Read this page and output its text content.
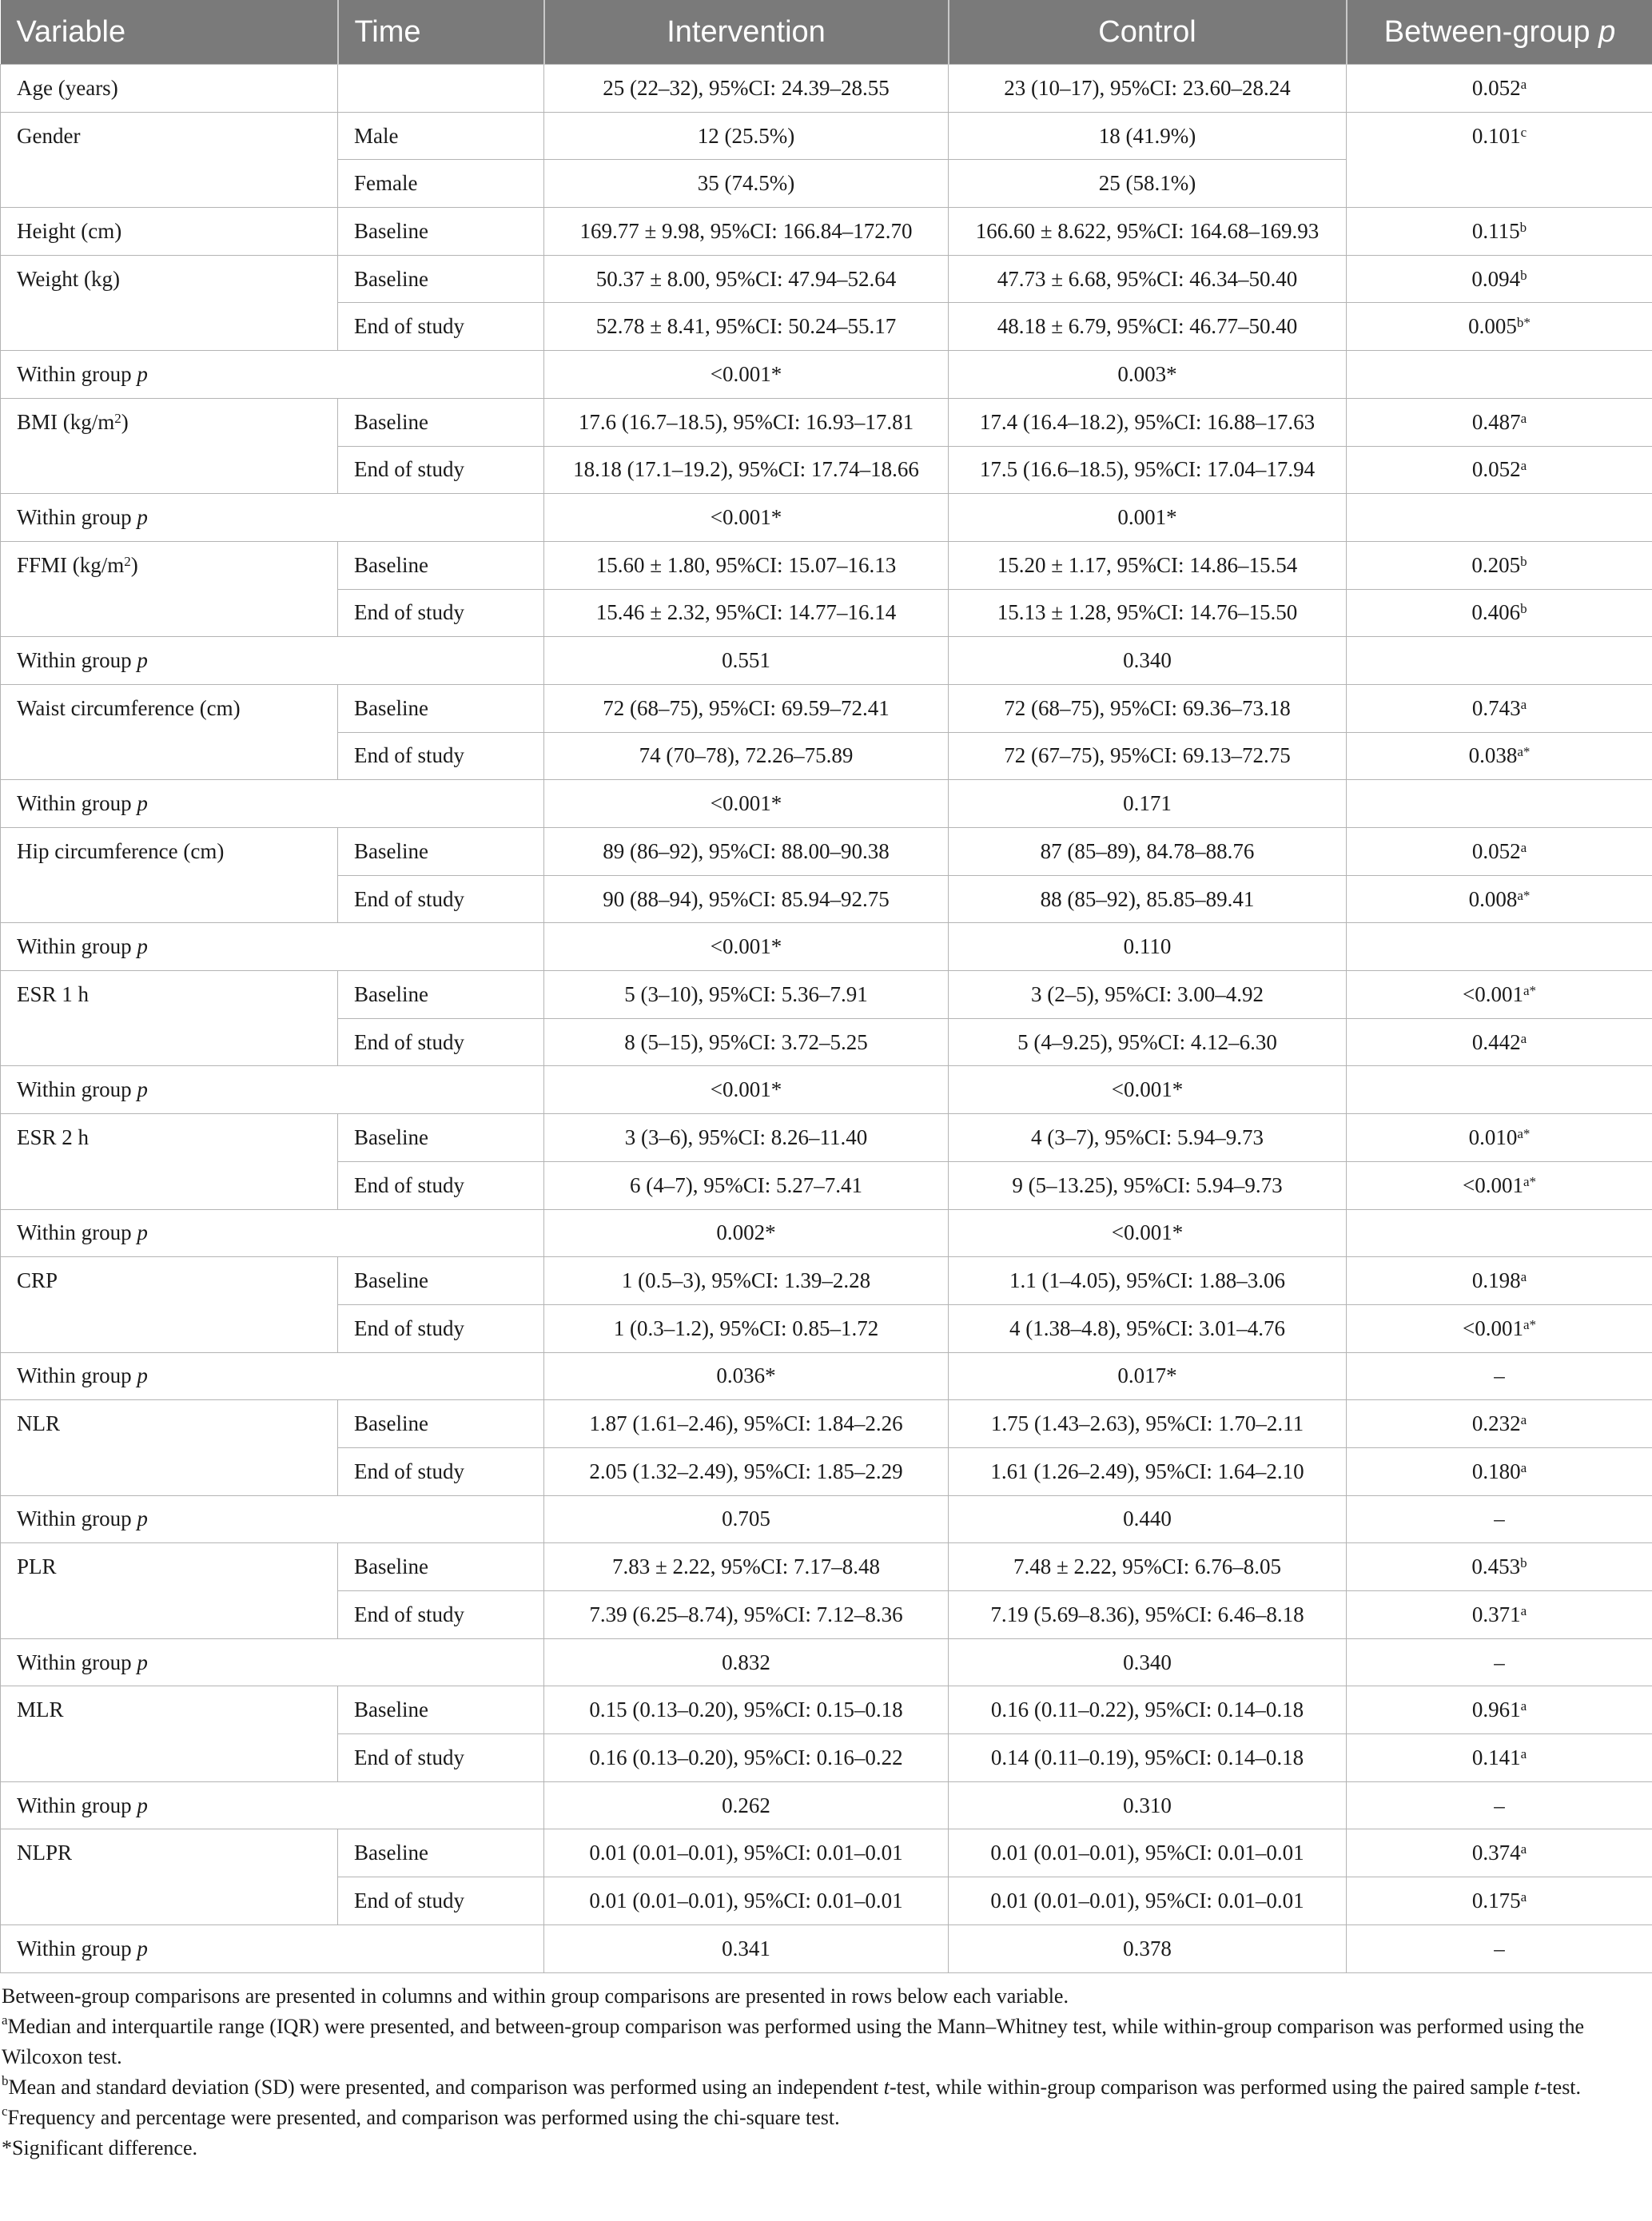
Variable	Time	Intervention	Control	Between-group p
Age (years)		25 (22–32), 95%CI: 24.39–28.55	23 (10–17), 95%CI: 23.60–28.24	0.052$^a$
Gender	Male	12 (25.5%)	18 (41.9%)	0.101$^c$
	Female	35 (74.5%)	25 (58.1%)	
Height (cm)	Baseline	169.77 ± 9.98, 95%CI: 166.84–172.70	166.60 ± 8.622, 95%CI: 164.68–169.93	0.115$^b$
Weight (kg)	Baseline	50.37 ± 8.00, 95%CI: 47.94–52.64	47.73 ± 6.68, 95%CI: 46.34–50.40	0.094$^b$
	End of study	52.78 ± 8.41, 95%CI: 50.24–55.17	48.18 ± 6.79, 95%CI: 46.77–50.40	$0.005^{b*}$
Within group p		<0.001*	0.003*	
BMI $(kg/m^2)$	Baseline	17.6 (16.7–18.5), 95%CI: 16.93–17.81	17.4 (16.4–18.2), 95%CI: 16.88–17.63	0.487$^a$
	End of study	18.18 (17.1–19.2), 95%CI: 17.74–18.66	17.5 (16.6–18.5), 95%CI: 17.04–17.94	0.052$^a$
Within group p		<0.001*	0.001*	
FFMI $(kg/m^2)$	Baseline	15.60 ± 1.80, 95%CI: 15.07–16.13	15.20 ± 1.17, 95%CI: 14.86–15.54	0.205$^b$
	End of study	15.46 ± 2.32, 95%CI: 14.77–16.14	15.13 ± 1.28, 95%CI: 14.76–15.50	0.406$^b$
Within group p		0.551	0.340	
Waist circumference (cm)	Baseline	72 (68–75), 95%CI: 69.59–72.41	72 (68–75), 95%CI: 69.36–73.18	0.743$^a$
	End of study	74 (70–78), 72.26–75.89	72 (67–75), 95%CI: 69.13–72.75	$0.038^{a*}$
Within group p		<0.001*	0.171	
Hip circumference (cm)	Baseline	89 (86–92), 95%CI: 88.00–90.38	87 (85–89), 84.78–88.76	0.052$^a$
	End of study	90 (88–94), 95%CI: 85.94–92.75	88 (85–92), 85.85–89.41	$0.008^{a*}$
Within group p		<0.001*	0.110	
ESR 1 h	Baseline	5 (3–10), 95%CI: 5.36–7.91	3 (2–5), 95%CI: 3.00–4.92	$<0.001^{a*}$
	End of study	8 (5–15), 95%CI: 3.72–5.25	5 (4–9.25), 95%CI: 4.12–6.30	0.442$^a$
Within group p		<0.001*	<0.001*	
ESR 2 h	Baseline	3 (3–6), 95%CI: 8.26–11.40	4 (3–7), 95%CI: 5.94–9.73	$0.010^{a*}$
	End of study	6 (4–7), 95%CI: 5.27–7.41	9 (5–13.25), 95%CI: 5.94–9.73	$<0.001^{a*}$
Within group p		0.002*	<0.001*	
CRP	Baseline	1 (0.5–3), 95%CI: 1.39–2.28	1.1 (1–4.05), 95%CI: 1.88–3.06	0.198$^a$
	End of study	1 (0.3–1.2), 95%CI: 0.85–1.72	4 (1.38–4.8), 95%CI: 3.01–4.76	$<0.001^{a*}$
Within group p		0.036*	0.017*	–
NLR	Baseline	1.87 (1.61–2.46), 95%CI: 1.84–2.26	1.75 (1.43–2.63), 95%CI: 1.70–2.11	0.232$^a$
	End of study	2.05 (1.32–2.49), 95%CI: 1.85–2.29	1.61 (1.26–2.49), 95%CI: 1.64–2.10	0.180$^a$
Within group p		0.705	0.440	–
PLR	Baseline	7.83 ± 2.22, 95%CI: 7.17–8.48	7.48 ± 2.22, 95%CI: 6.76–8.05	0.453$^b$
	End of study	7.39 (6.25–8.74), 95%CI: 7.12–8.36	7.19 (5.69–8.36), 95%CI: 6.46–8.18	0.371$^a$
Within group p		0.832	0.340	–
MLR	Baseline	0.15 (0.13–0.20), 95%CI: 0.15–0.18	0.16 (0.11–0.22), 95%CI: 0.14–0.18	0.961$^a$
	End of study	0.16 (0.13–0.20), 95%CI: 0.16–0.22	0.14 (0.11–0.19), 95%CI: 0.14–0.18	0.141$^a$
Within group p		0.262	0.310	–
NLPR	Baseline	0.01 (0.01–0.01), 95%CI: 0.01–0.01	0.01 (0.01–0.01), 95%CI: 0.01–0.01	0.374$^a$
	End of study	0.01 (0.01–0.01), 95%CI: 0.01–0.01	0.01 (0.01–0.01), 95%CI: 0.01–0.01	0.175$^a$
Within group p		0.341	0.378	–

Between-group comparisons are presented in columns and within group comparisons are presented in rows below each variable.

$^a$Median and interquartile range (IQR) were presented, and between-group comparison was performed using the Mann–Whitney test, while within-group comparison was performed using the Wilcoxon test.

$^b$Mean and standard deviation (SD) were presented, and comparison was performed using an independent t-test, while within-group comparison was performed using the paired sample t-test.

$^c$Frequency and percentage were presented, and comparison was performed using the chi-square test.

*Significant difference.
